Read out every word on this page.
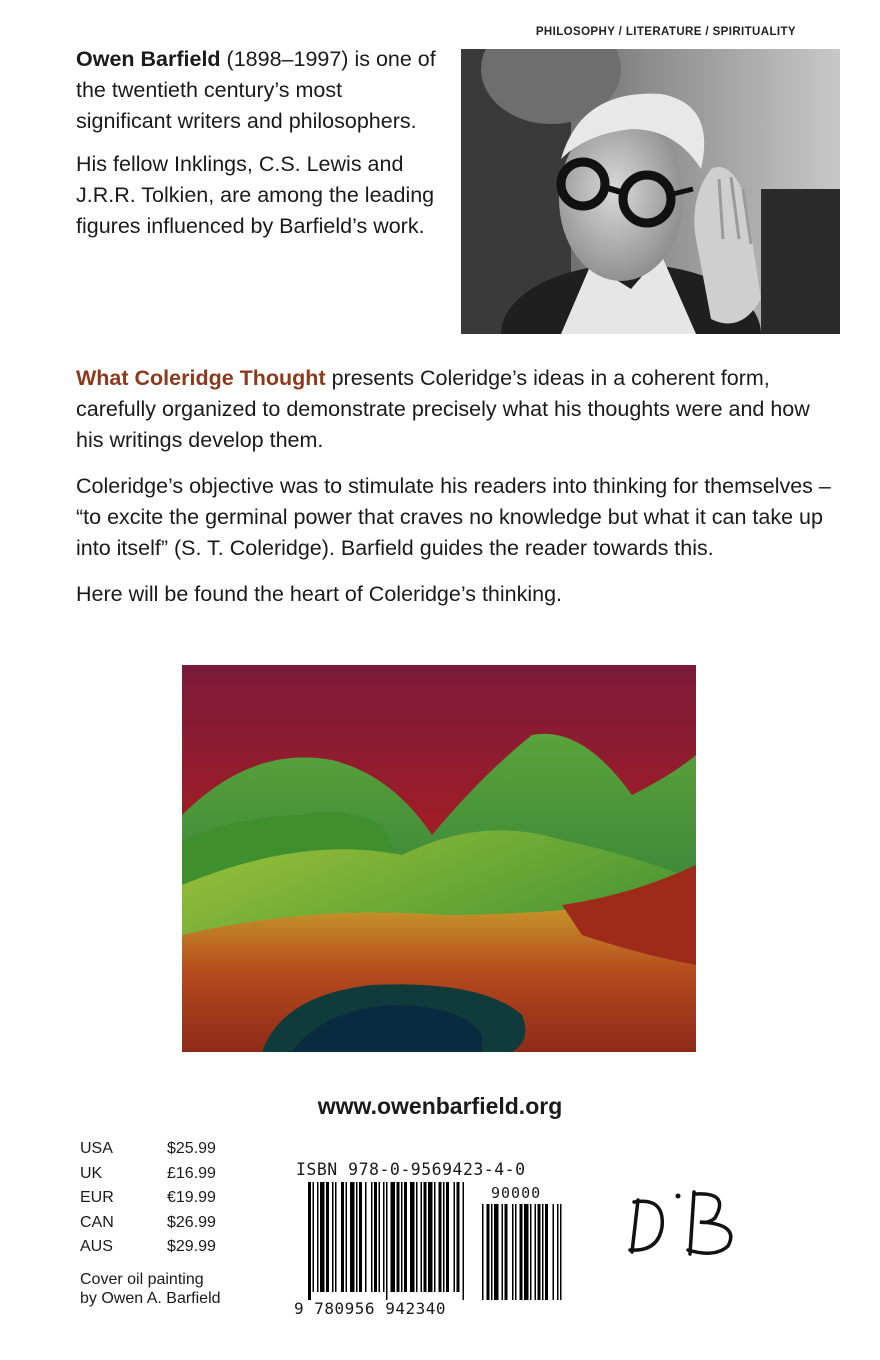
PHILOSOPHY / LITERATURE / SPIRITUALITY

Owen Barfield (1898–1997) is one of the twentieth century’s most significant writers and philosophers.

His fellow Inklings, C.S. Lewis and J.R.R. Tolkien, are among the leading figures influenced by Barfield’s work.

What Coleridge Thought presents Coleridge’s ideas in a coherent form, carefully organized to demonstrate precisely what his thoughts were and how his writings develop them.

Coleridge’s objective was to stimulate his readers into thinking for themselves – “to excite the germinal power that craves no knowledge but what it can take up into itself” (S. T. Coleridge). Barfield guides the reader towards this.

Here will be found the heart of Coleridge’s thinking.

www.owenbarfield.org
USA	$25.99
UK	£16.99
EUR	€19.99
CAN	$26.99
AUS	$29.99
Cover oil painting
by Owen A. Barfield
ISBN 978-0-9569423-4-0
90000
9 780956 942340
